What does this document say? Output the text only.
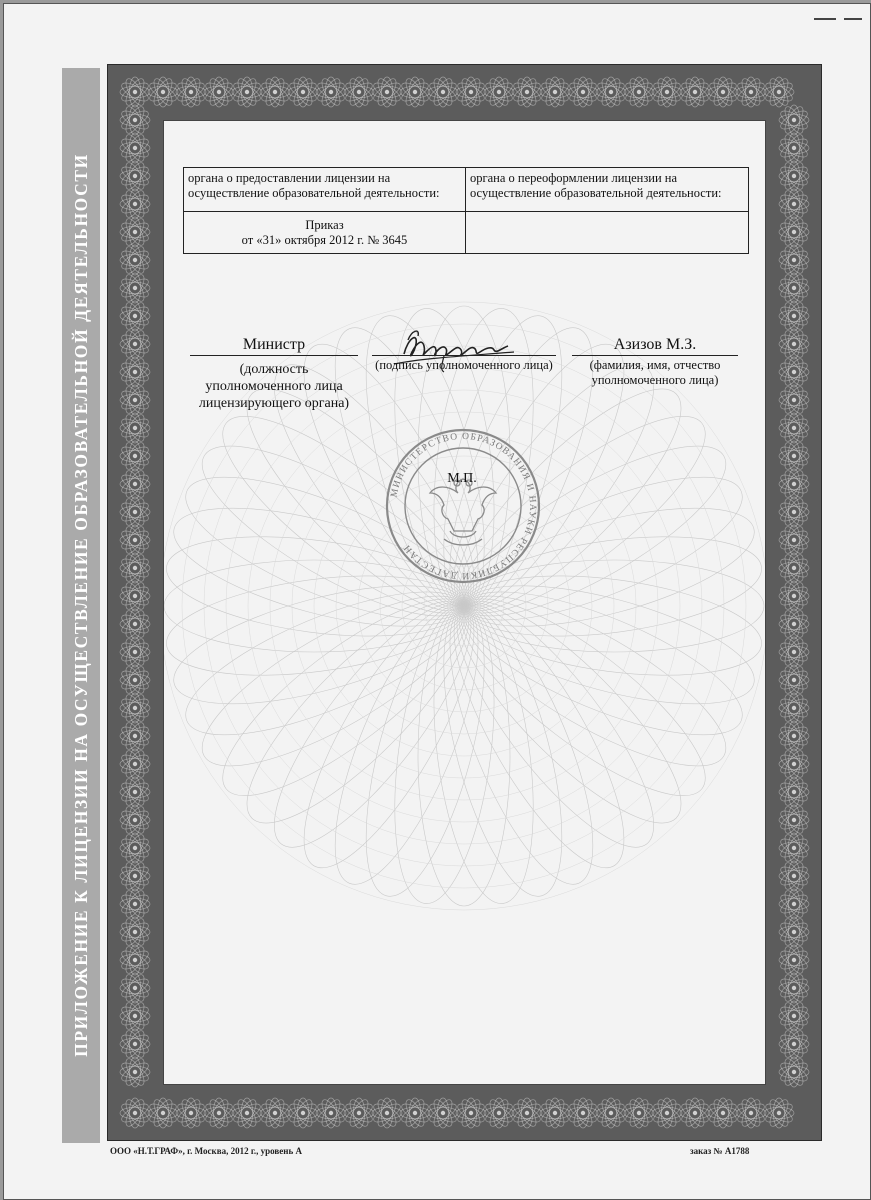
ПРИЛОЖЕНИЕ К ЛИЦЕНЗИИ НА ОСУЩЕСТВЛЕНИЕ ОБРАЗОВАТЕЛЬНОЙ ДЕЯТЕЛЬНОСТИ	органа о предоставлении лицензии на осуществление образовательной деятельности:	органа о переоформлении лицензии на осуществление образовательной деятельности:

Приказ
от «31» октября 2012 г. № 3645	

Министр
(должность уполномоченного лица лицензирующего органа)
(подпись уполномоченного лица)
Азизов М.З.
(фамилия, имя, отчество уполномоченного лица)
МИНИСТЕРСТВО ОБРАЗОВАНИЯ И НАУКИ РЕСПУБЛИКИ ДАГЕСТАН
М.П.
ООО «Н.Т.ГРАФ», г. Москва, 2012 г., уровень А	заказ № А1788
